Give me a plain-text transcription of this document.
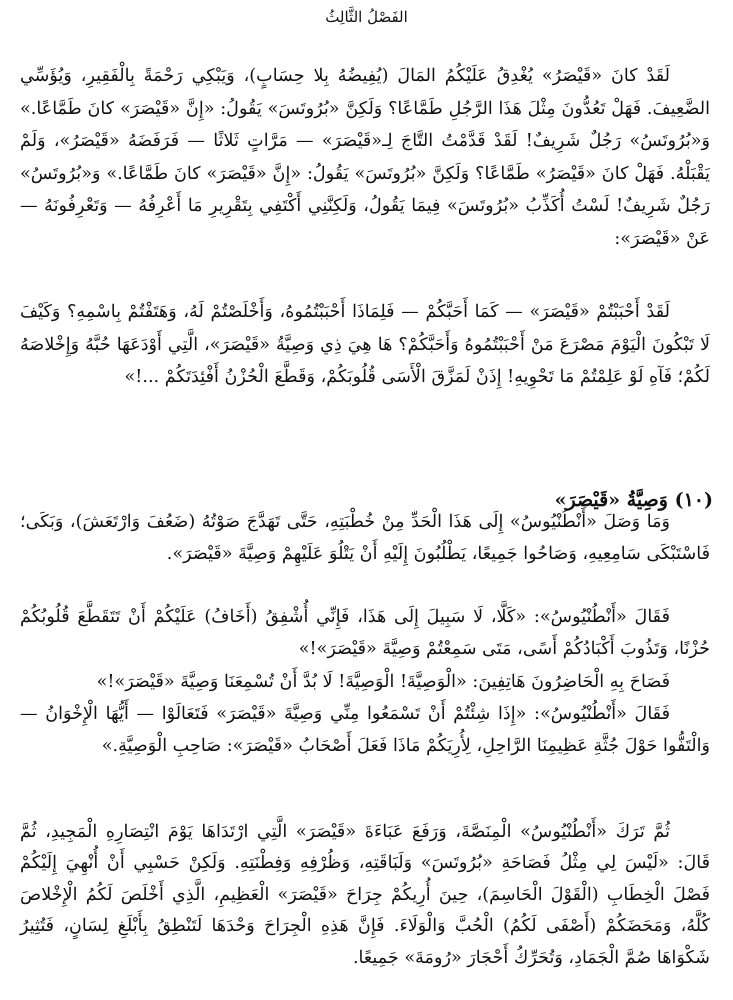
الفَصْلُ الثَّالِثُ

لَقَدْ كانَ «قَيْصَرُ» يُغْدِقُ عَلَيْكُمُ المَالَ (يُفِيضُهُ بِلا حِسَابٍ)، وَيَبْكِي رَحْمَةً بِالْفَقِيرِ، وَيُؤَسِّي الضَّعِيفَ. فَهَلْ تَعُدُّونَ مِثْلَ هَذَا الرَّجُلِ طَمَّاعًا؟ وَلَكِنَّ «بُرُوتَسَ» يَقُولُ: «إِنَّ «قَيْصَرَ» كانَ طَمَّاعًا.» وَ«بُرُوتَسُ» رَجُلٌ شَرِيفٌ! لَقَدْ قَدَّمْتُ التَّاجَ لِـ«قَيْصَرَ» — مَرَّاتٍ ثَلاثًا — فَرَفَضَهُ «قَيْصَرُ»، وَلَمْ يَقْبَلْهُ. فَهَلْ كانَ «قَيْصَرُ» طَمَّاعًا؟ وَلَكِنَّ «بُرُوتَسَ» يَقُولُ: «إِنَّ «قَيْصَرَ» كانَ طَمَّاعًا.» وَ«بُرُوتَسُ» رَجُلٌ شَرِيفٌ! لَسْتُ أُكَذِّبُ «بُرُوتَسَ» فِيمَا يَقُولُ، وَلَكِنَّنِي أَكْتَفِي بِتَقْرِيرِ مَا أَعْرِفُهُ — وَتَعْرِفُونَهُ — عَنْ «قَيْصَرَ»:

لَقَدْ أَحْبَبْتُمْ «قَيْصَرَ» — كَمَا أَحَبَّكُمْ — فَلِمَاذَا أَحْبَبْتُمُوهُ، وَأَخْلَصْتُمْ لَهُ، وَهَتَفْتُمْ بِاسْمِهِ؟ وَكَيْفَ لَا تَبْكُونَ الْيَوْمَ مَصْرَعَ مَنْ أَحْبَبْتُمُوهُ وَأَحَبَّكُمْ؟ هَا هِيَ ذِي وَصِيَّةُ «قَيْصَرَ»، الَّتِي أَوْدَعَهَا حُبَّهُ وَإِخْلاصَهُ لَكُمْ؛ فَآهِ لَوْ عَلِمْتُمْ مَا تَحْوِيهِ! إِذَنْ لَمَزَّقَ الْأَسَى قُلُوبَكُمْ، وَقَطَّعَ الْحُزْنُ أَفْئِدَتَكُمْ ...!»

(١٠) وَصِيَّةُ «قَيْصَرَ»

وَمَا وَصَلَ «أَنْطُنْيُوسُ» إِلَى هَذَا الْحَدِّ مِنْ خُطْبَتِهِ، حَتَّى تَهَدَّجَ صَوْتُهُ (ضَعُفَ وَارْتَعَشَ)، وَبَكَى؛ فَاسْتَبْكَى سَامِعِيهِ، وَصَاحُوا جَمِيعًا، يَطْلُبُونَ إِلَيْهِ أَنْ يَتْلُوَ عَلَيْهِمْ وَصِيَّةَ «قَيْصَرَ».

فَقَالَ «أَنْطُنْيُوسُ»: «كَلَّا، لَا سَبِيلَ إِلَى هَذَا، فَإِنِّي أُشْفِقُ (أَخَافُ) عَلَيْكُمْ أَنْ تَتَقَطَّعَ قُلُوبُكُمْ حُزْنًا، وَتَذُوبَ أَكْبَادُكُمْ أَسًى، مَتَى سَمِعْتُمْ وَصِيَّةَ «قَيْصَرَ»!»

فَصَاحَ بِهِ الْحَاضِرُونَ هَاتِفِينَ: «الْوَصِيَّةَ! الْوَصِيَّةَ! لَا بُدَّ أَنْ تُسْمِعَنَا وَصِيَّةَ «قَيْصَرَ»!»

فَقَالَ «أَنْطُنْيُوسُ»: «إِذَا شِئْتُمْ أَنْ تَسْمَعُوا مِنِّي وَصِيَّةَ «قَيْصَرَ» فَتَعَالَوْا — أَيُّهَا الْإِخْوَانُ — وَالْتَفُّوا حَوْلَ جُثَّةِ عَظِيمِنَا الرَّاحِلِ، لِأُرِيَكُمْ مَاذَا فَعَلَ أَصْحَابُ «قَيْصَرَ»: صَاحِبِ الْوَصِيَّةِ.»

ثُمَّ تَرَكَ «أَنْطُنْيُوسُ» الْمِنَصَّةَ، وَرَفَعَ عَبَاءَةَ «قَيْصَرَ» الَّتِي ارْتَدَاهَا يَوْمَ انْتِصَارِهِ الْمَجِيدِ، ثُمَّ قَالَ: «لَيْسَ لِي مِثْلُ فَصَاحَةِ «بُرُوتَسَ» وَلَبَاقَتِهِ، وَظُرْفِهِ وَفِطْنَتِهِ. وَلَكِنْ حَسْبِي أَنْ أُنْهِيَ إِلَيْكُمْ فَصْلَ الْخِطَابِ (الْقَوْلَ الْحَاسِمَ)، حِينَ أُرِيكُمْ جِرَاحَ «قَيْصَرَ» الْعَظِيمِ، الَّذِي أَخْلَصَ لَكُمُ الْإِخْلاصَ كُلَّهُ، وَمَحَضَكُمْ (أَصْفَى لَكُمُ) الْحُبَّ وَالْوَلَاءَ. فَإِنَّ هَذِهِ الْجِرَاحَ وَحْدَهَا لَتَنْطِقُ بِأَبْلَغِ لِسَانٍ، فَتُثِيرُ شَكْوَاهَا صُمَّ الْجَمَادِ، وَتُحَرِّكُ أَحْجَارَ «رُومَةَ» جَمِيعًا.
